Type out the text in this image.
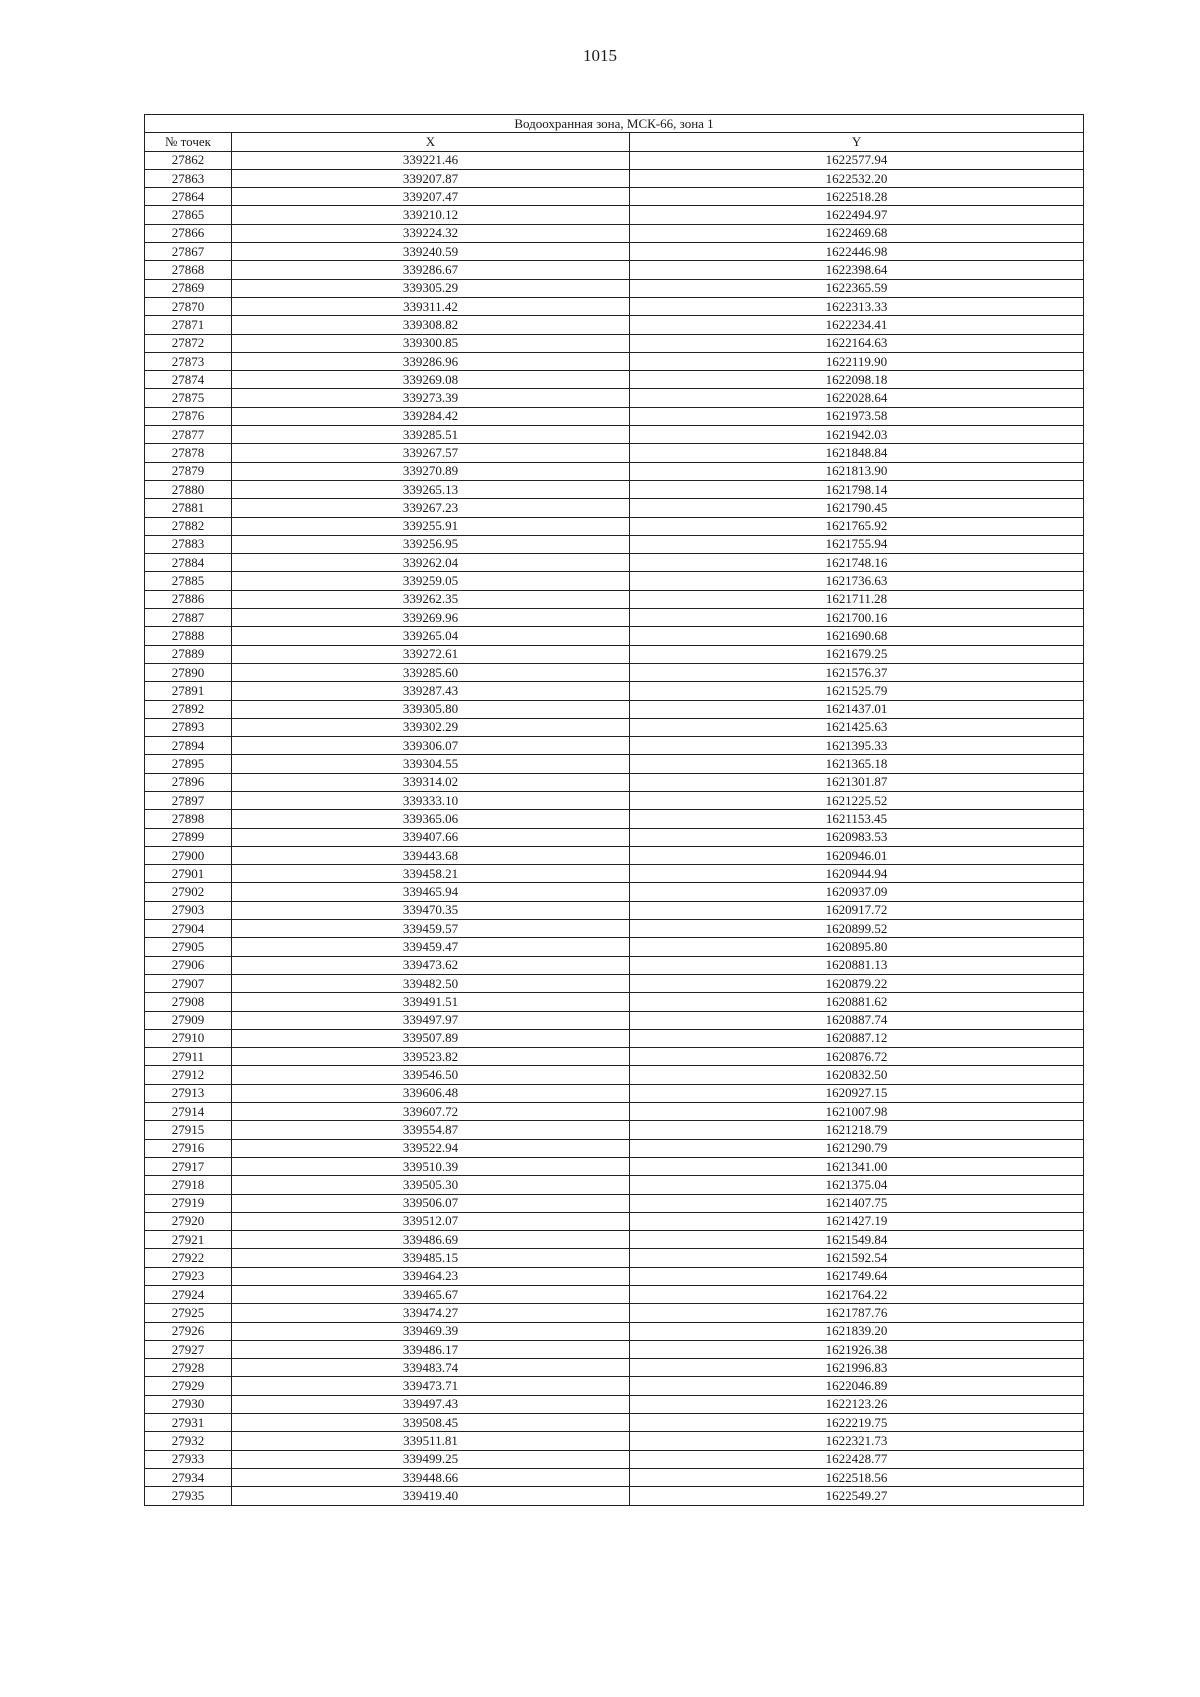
1015
Водоохранная зона, МСК-66, зона 1		
№ точек	X	Y
27862	339221.46	1622577.94
27863	339207.87	1622532.20
27864	339207.47	1622518.28
27865	339210.12	1622494.97
27866	339224.32	1622469.68
27867	339240.59	1622446.98
27868	339286.67	1622398.64
27869	339305.29	1622365.59
27870	339311.42	1622313.33
27871	339308.82	1622234.41
27872	339300.85	1622164.63
27873	339286.96	1622119.90
27874	339269.08	1622098.18
27875	339273.39	1622028.64
27876	339284.42	1621973.58
27877	339285.51	1621942.03
27878	339267.57	1621848.84
27879	339270.89	1621813.90
27880	339265.13	1621798.14
27881	339267.23	1621790.45
27882	339255.91	1621765.92
27883	339256.95	1621755.94
27884	339262.04	1621748.16
27885	339259.05	1621736.63
27886	339262.35	1621711.28
27887	339269.96	1621700.16
27888	339265.04	1621690.68
27889	339272.61	1621679.25
27890	339285.60	1621576.37
27891	339287.43	1621525.79
27892	339305.80	1621437.01
27893	339302.29	1621425.63
27894	339306.07	1621395.33
27895	339304.55	1621365.18
27896	339314.02	1621301.87
27897	339333.10	1621225.52
27898	339365.06	1621153.45
27899	339407.66	1620983.53
27900	339443.68	1620946.01
27901	339458.21	1620944.94
27902	339465.94	1620937.09
27903	339470.35	1620917.72
27904	339459.57	1620899.52
27905	339459.47	1620895.80
27906	339473.62	1620881.13
27907	339482.50	1620879.22
27908	339491.51	1620881.62
27909	339497.97	1620887.74
27910	339507.89	1620887.12
27911	339523.82	1620876.72
27912	339546.50	1620832.50
27913	339606.48	1620927.15
27914	339607.72	1621007.98
27915	339554.87	1621218.79
27916	339522.94	1621290.79
27917	339510.39	1621341.00
27918	339505.30	1621375.04
27919	339506.07	1621407.75
27920	339512.07	1621427.19
27921	339486.69	1621549.84
27922	339485.15	1621592.54
27923	339464.23	1621749.64
27924	339465.67	1621764.22
27925	339474.27	1621787.76
27926	339469.39	1621839.20
27927	339486.17	1621926.38
27928	339483.74	1621996.83
27929	339473.71	1622046.89
27930	339497.43	1622123.26
27931	339508.45	1622219.75
27932	339511.81	1622321.73
27933	339499.25	1622428.77
27934	339448.66	1622518.56
27935	339419.40	1622549.27
